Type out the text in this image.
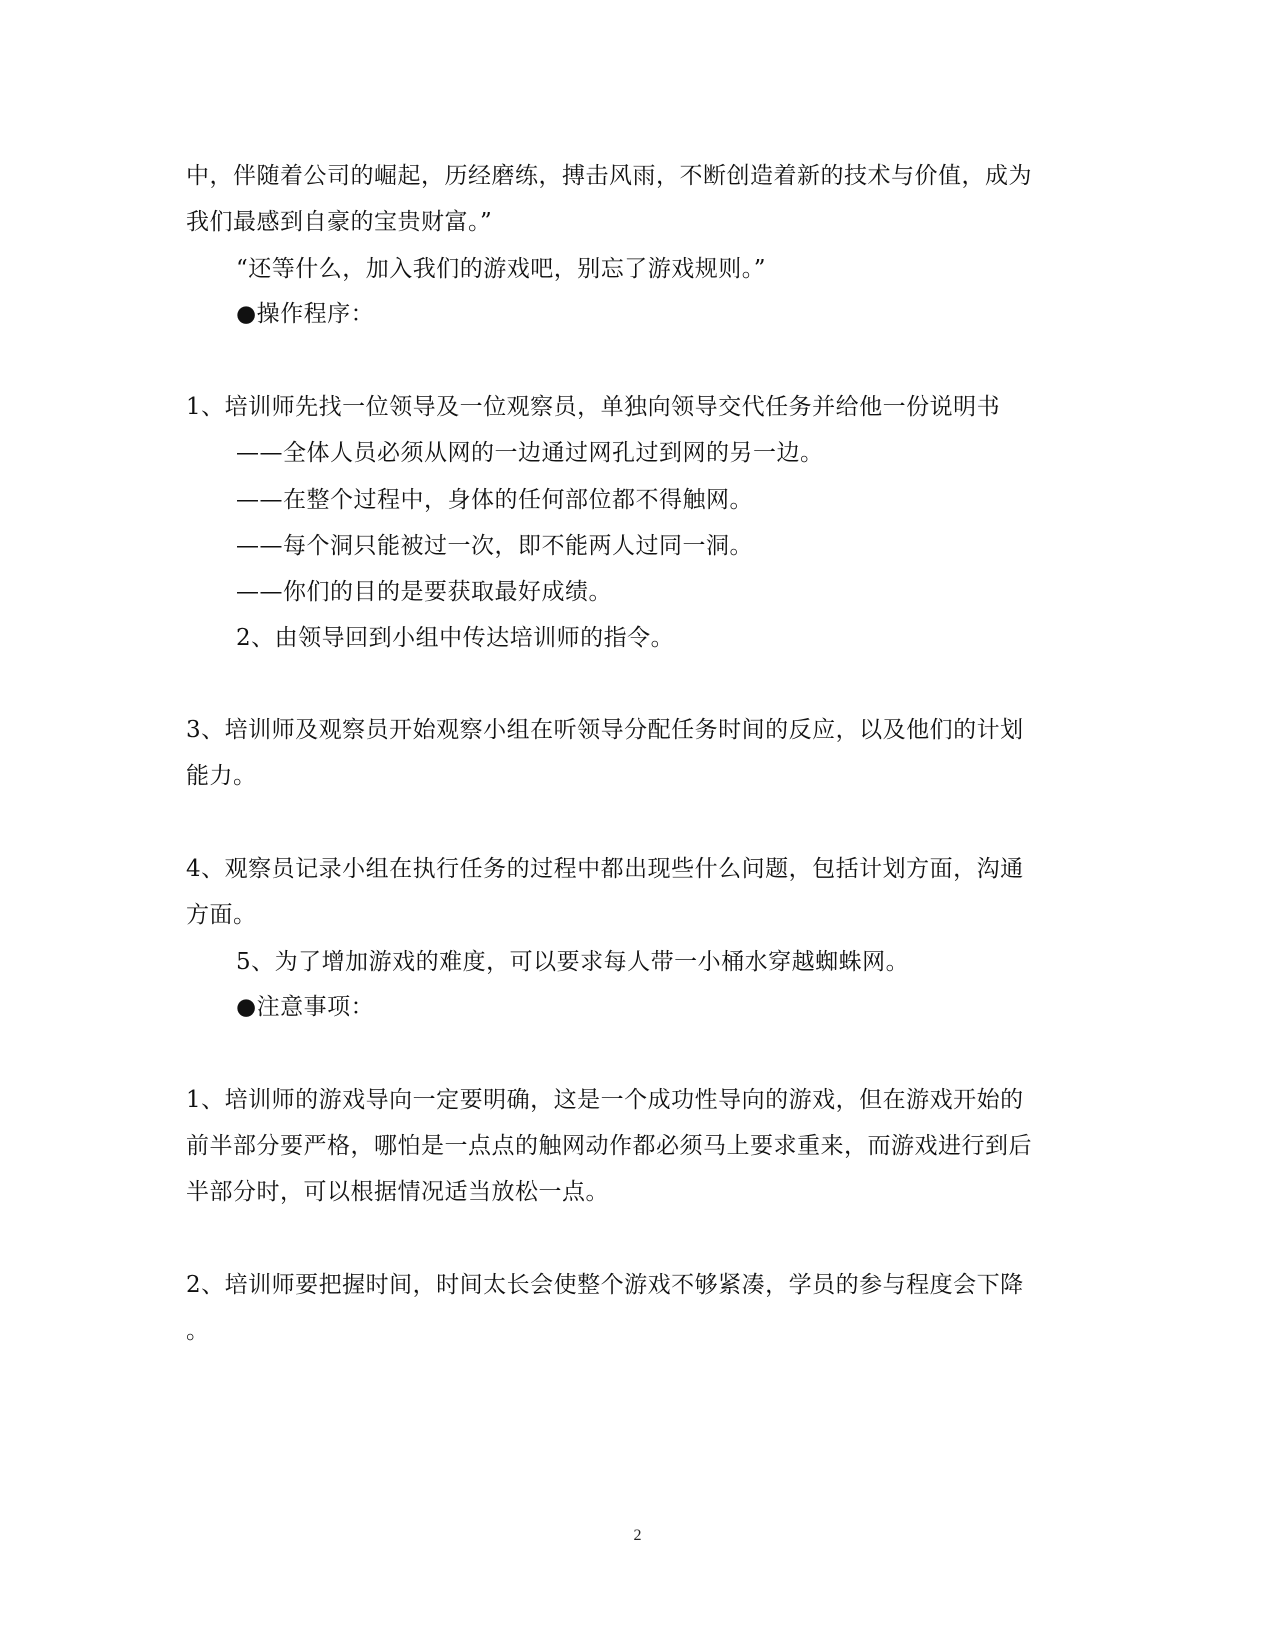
中，伴随着公司的崛起，历经磨练，搏击风雨，不断创造着新的技术与价值，成为
我们最感到自豪的宝贵财富。”
“还等什么，加入我们的游戏吧，别忘了游戏规则。”
●操作程序：
1、培训师先找一位领导及一位观察员，单独向领导交代任务并给他一份说明书
——全体人员必须从网的一边通过网孔过到网的另一边。
——在整个过程中，身体的任何部位都不得触网。
——每个洞只能被过一次，即不能两人过同一洞。
——你们的目的是要获取最好成绩。
2、由领导回到小组中传达培训师的指令。
3、培训师及观察员开始观察小组在听领导分配任务时间的反应，以及他们的计划
能力。
4、观察员记录小组在执行任务的过程中都出现些什么问题，包括计划方面，沟通
方面。
5、为了增加游戏的难度，可以要求每人带一小桶水穿越蜘蛛网。
●注意事项：
1、培训师的游戏导向一定要明确，这是一个成功性导向的游戏，但在游戏开始的
前半部分要严格，哪怕是一点点的触网动作都必须马上要求重来，而游戏进行到后
半部分时，可以根据情况适当放松一点。
2、培训师要把握时间，时间太长会使整个游戏不够紧凑，学员的参与程度会下降
。
2
